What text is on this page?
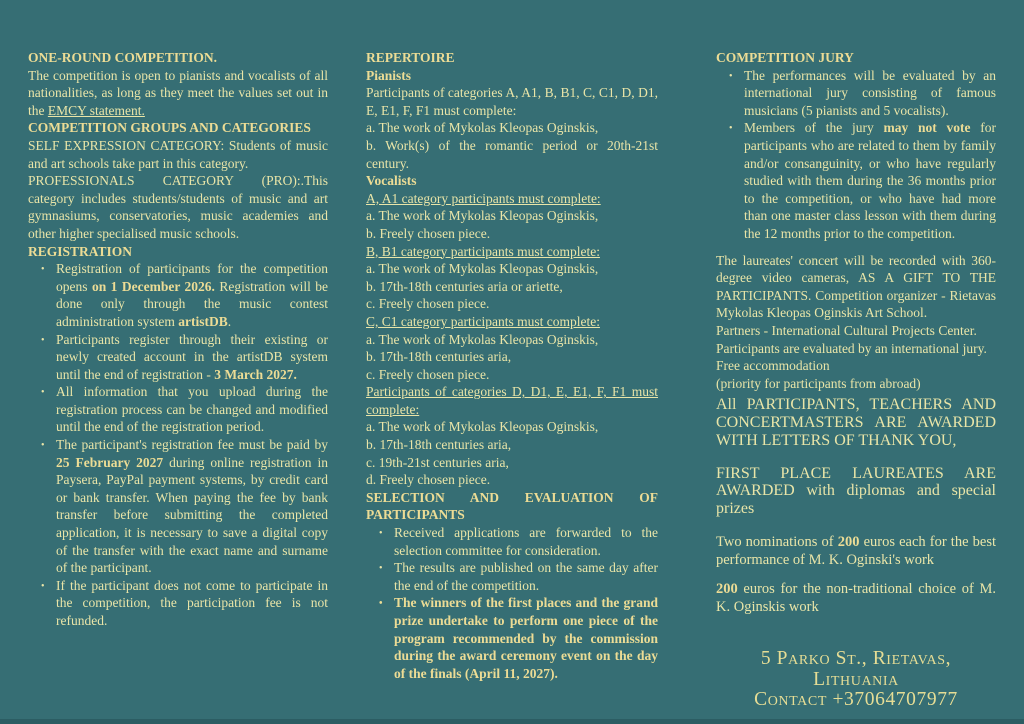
ONE-ROUND COMPETITION.

The competition is open to pianists and vocalists of all nationalities, as long as they meet the values set out in the EMCY statement.

COMPETITION GROUPS AND CATEGORIES

SELF EXPRESSION CATEGORY: Students of music and art schools take part in this category.

PROFESSIONALS CATEGORY (PRO):.This category includes students/students of music and art gymnasiums, conservatories, music academies and other higher specialised music schools.

REGISTRATION
• Registration of participants for the competition opens on 1 December 2026. Registration will be done only through the music contest administration system artistDB.
• Participants register through their existing or newly created account in the artistDB system until the end of registration - 3 March 2027.
• All information that you upload during the registration process can be changed and modified until the end of the registration period.
• The participant's registration fee must be paid by 25 February 2027 during online registration in Paysera, PayPal payment systems, by credit card or bank transfer. When paying the fee by bank transfer before submitting the completed application, it is necessary to save a digital copy of the transfer with the exact name and surname of the participant.
• If the participant does not come to participate in the competition, the participation fee is not refunded.
REPERTOIRE
Pianists

Participants of categories A, A1, B, B1, C, C1, D, D1, E, E1, F, F1 must complete:

a. The work of Mykolas Kleopas Oginskis,
b. Work(s) of the romantic period or 20th-21st century.
Vocalists
A, A1 category participants must complete:
a. The work of Mykolas Kleopas Oginskis,
b. Freely chosen piece.
B, B1 category participants must complete:
a. The work of Mykolas Kleopas Oginskis,
b. 17th-18th centuries aria or ariette,
c. Freely chosen piece.
C, C1 category participants must complete:
a. The work of Mykolas Kleopas Oginskis,
b. 17th-18th centuries aria,
c. Freely chosen piece.
Participants of categories D, D1, E, E1, F, F1 must complete:
a. The work of Mykolas Kleopas Oginskis,
b. 17th-18th centuries aria,
c. 19th-21st centuries aria,
d. Freely chosen piece.
SELECTION AND EVALUATION OF PARTICIPANTS
• Received applications are forwarded to the selection committee for consideration.
• The results are published on the same day after the end of the competition.
• The winners of the first places and the grand prize undertake to perform one piece of the program recommended by the commission during the award ceremony event on the day of the finals (April 11, 2027).
COMPETITION JURY
• The performances will be evaluated by an international jury consisting of famous musicians (5 pianists and 5 vocalists).
• Members of the jury may not vote for participants who are related to them by family and/or consanguinity, or who have regularly studied with them during the 36 months prior to the competition, or who have had more than one master class lesson with them during the 12 months prior to the competition.

The laureates' concert will be recorded with 360-degree video cameras, AS A GIFT TO THE PARTICIPANTS. Competition organizer - Rietavas Mykolas Kleopas Oginskis Art School.

Partners - International Cultural Projects Center.
Participants are evaluated by an international jury.
Free accommodation
(priority for participants from abroad)

All PARTICIPANTS, TEACHERS AND CONCERTMASTERS ARE AWARDED WITH LETTERS OF THANK YOU,

FIRST PLACE LAUREATES ARE AWARDED with diplomas and special prizes

Two nominations of 200 euros each for the best performance of M. K. Oginski's work

200 euros for the non-traditional choice of M. K. Oginskis work

5 Parko St., Rietavas, Lithuania
Contact +37064707977
